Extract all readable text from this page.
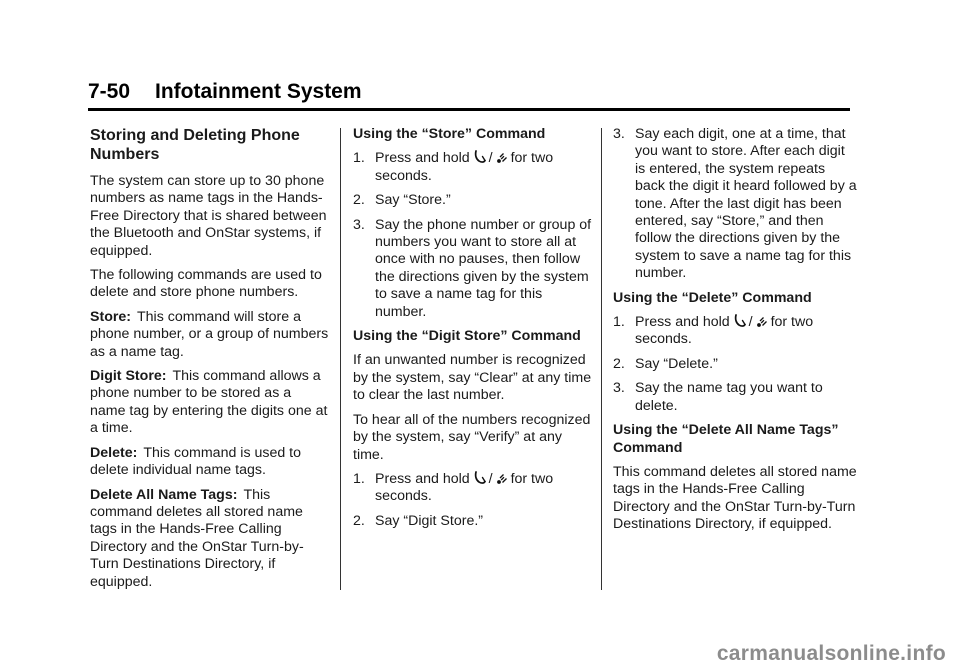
7-50 Infotainment System
Storing and Deleting Phone Numbers

The system can store up to 30 phone numbers as name tags in the Hands-Free Directory that is shared between the Bluetooth and OnStar systems, if equipped.

The following commands are used to delete and store phone numbers.

Store: This command will store a phone number, or a group of numbers as a name tag.

Digit Store: This command allows a phone number to be stored as a name tag by entering the digits one at a time.

Delete: This command is used to delete individual name tags.

Delete All Name Tags: This command deletes all stored name tags in the Hands-Free Calling Directory and the OnStar Turn-by-Turn Destinations Directory, if equipped.

Using the “Store” Command
1. Press and hold / for two seconds.
2. Say “Store.”
3. Say the phone number or group of numbers you want to store all at once with no pauses, then follow the directions given by the system to save a name tag for this number.
Using the “Digit Store” Command

If an unwanted number is recognized by the system, say “Clear” at any time to clear the last number.

To hear all of the numbers recognized by the system, say “Verify” at any time.

1. Press and hold / for two seconds.
2. Say “Digit Store.”
3. Say each digit, one at a time, that you want to store. After each digit is entered, the system repeats back the digit it heard followed by a tone. After the last digit has been entered, say “Store,” and then follow the directions given by the system to save a name tag for this number.
Using the “Delete” Command
1. Press and hold / for two seconds.
2. Say “Delete.”
3. Say the name tag you want to delete.
Using the “Delete All Name Tags” Command

This command deletes all stored name tags in the Hands-Free Calling Directory and the OnStar Turn-by-Turn Destinations Directory, if equipped.

carmanualsonline.info
